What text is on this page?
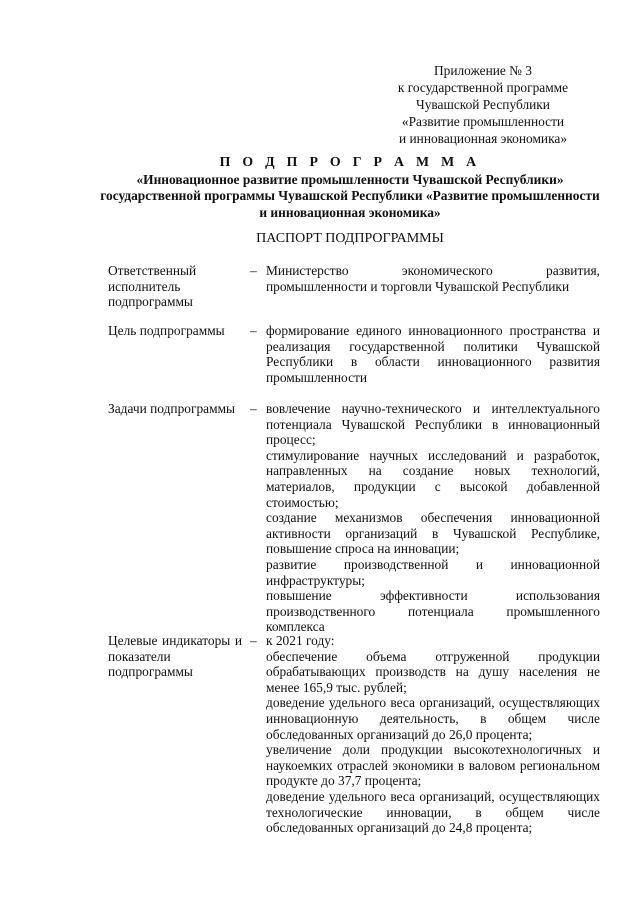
Приложение № 3
к государственной программе
Чувашской Республики
«Развитие промышленности
и инновационная экономика»
П О Д П Р О Г Р А М М А
«Инновационное развитие промышленности Чувашской Республики» государственной программы Чувашской Республики «Развитие промышленности и инновационная экономика»
ПАСПОРТ ПОДПРОГРАММЫ
Ответственный исполнитель подпрограммы
– Министерство экономического развития, промышленности и торговли Чувашской Республики
Цель подпрограммы	– формирование единого инновационного пространства и реализация государственной политики Чувашской Республики в области инновационного развития промышленности
Задачи подпрограммы	– вовлечение научно-технического и интеллектуального потенциала Чувашской Республики в инновационный процесс;
стимулирование научных исследований и разработок, направленных на создание новых технологий, материалов, продукции с высокой добавленной стоимостью;
создание механизмов обеспечения инновационной активности организаций в Чувашской Республике, повышение спроса на инновации;
развитие производственной и инновационной инфраструктуры;
повышение эффективности использования производственного потенциала промышленного комплекса
Целевые индикаторы и показатели подпрограммы
– к 2021 году:
обеспечение объема отгруженной продукции обрабатывающих производств на душу населения не менее 165,9 тыс. рублей;
доведение удельного веса организаций, осуществляющих инновационную деятельность, в общем числе обследованных организаций до 26,0 процента;
увеличение доли продукции высокотехнологичных и наукоемких отраслей экономики в валовом региональном продукте до 37,7 процента;
доведение удельного веса организаций, осуществляющих технологические инновации, в общем числе обследованных организаций до 24,8 процента;
